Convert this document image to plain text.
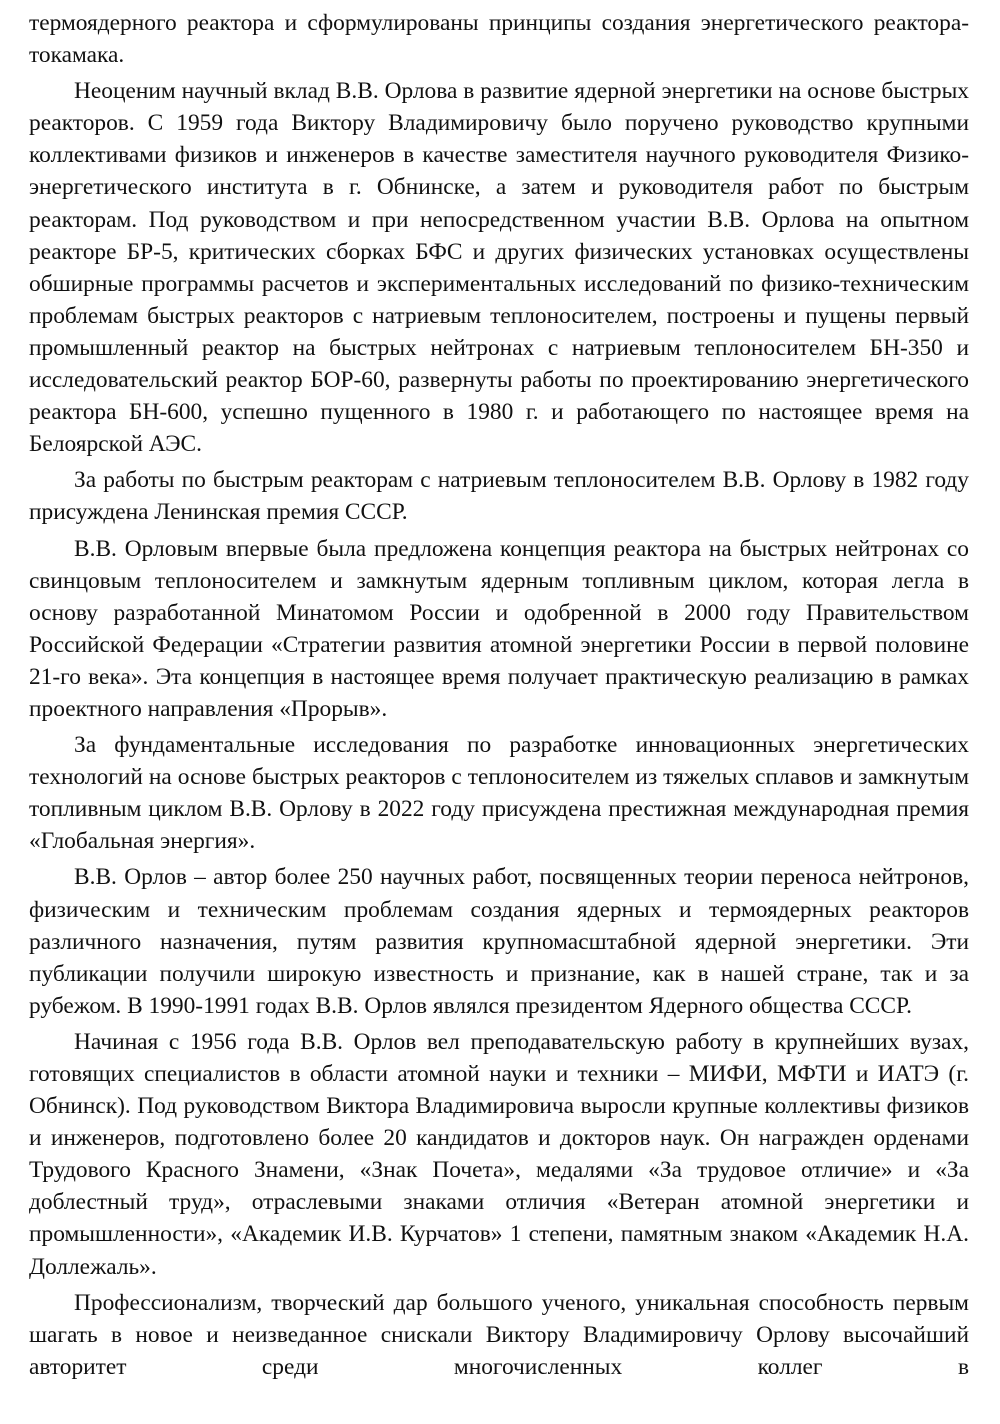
термоядерного реактора и сформулированы принципы создания энергетического реактора-токамака.

Неоценим научный вклад В.В. Орлова в развитие ядерной энергетики на основе быстрых реакторов. С 1959 года Виктору Владимировичу было поручено руководство крупными коллективами физиков и инженеров в качестве заместителя научного руководителя Физико-энергетического института в г. Обнинске, а затем и руководителя работ по быстрым реакторам. Под руководством и при непосредственном участии В.В. Орлова на опытном реакторе БР-5, критических сборках БФС и других физических установках осуществлены обширные программы расчетов и экспериментальных исследований по физико-техническим проблемам быстрых реакторов с натриевым теплоносителем, построены и пущены первый промышленный реактор на быстрых нейтронах с натриевым теплоносителем БН-350 и исследовательский реактор БОР-60, развернуты работы по проектированию энергетического реактора БН-600, успешно пущенного в 1980 г. и работающего по настоящее время на Белоярской АЭС.

За работы по быстрым реакторам с натриевым теплоносителем В.В. Орлову в 1982 году присуждена Ленинская премия СССР.

В.В. Орловым впервые была предложена концепция реактора на быстрых нейтронах со свинцовым теплоносителем и замкнутым ядерным топливным циклом, которая легла в основу разработанной Минатомом России и одобренной в 2000 году Правительством Российской Федерации «Стратегии развития атомной энергетики России в первой половине 21-го века». Эта концепция в настоящее время получает практическую реализацию в рамках проектного направления «Прорыв».

За фундаментальные исследования по разработке инновационных энергетических технологий на основе быстрых реакторов с теплоносителем из тяжелых сплавов и замкнутым топливным циклом В.В. Орлову в 2022 году присуждена престижная международная премия «Глобальная энергия».

В.В. Орлов – автор более 250 научных работ, посвященных теории переноса нейтронов, физическим и техническим проблемам создания ядерных и термоядерных реакторов различного назначения, путям развития крупномасштабной ядерной энергетики. Эти публикации получили широкую известность и признание, как в нашей стране, так и за рубежом. В 1990-1991 годах В.В. Орлов являлся президентом Ядерного общества СССР.

Начиная с 1956 года В.В. Орлов вел преподавательскую работу в крупнейших вузах, готовящих специалистов в области атомной науки и техники – МИФИ, МФТИ и ИАТЭ (г. Обнинск). Под руководством Виктора Владимировича выросли крупные коллективы физиков и инженеров, подготовлено более 20 кандидатов и докторов наук. Он награжден орденами Трудового Красного Знамени, «Знак Почета», медалями «За трудовое отличие» и «За доблестный труд», отраслевыми знаками отличия «Ветеран атомной энергетики и промышленности», «Академик И.В. Курчатов» 1 степени, памятным знаком «Академик Н.А. Доллежаль».

Профессионализм, творческий дар большого ученого, уникальная способность первым шагать в новое и неизведанное снискали Виктору Владимировичу Орлову высочайший авторитет среди многочисленных коллег в
